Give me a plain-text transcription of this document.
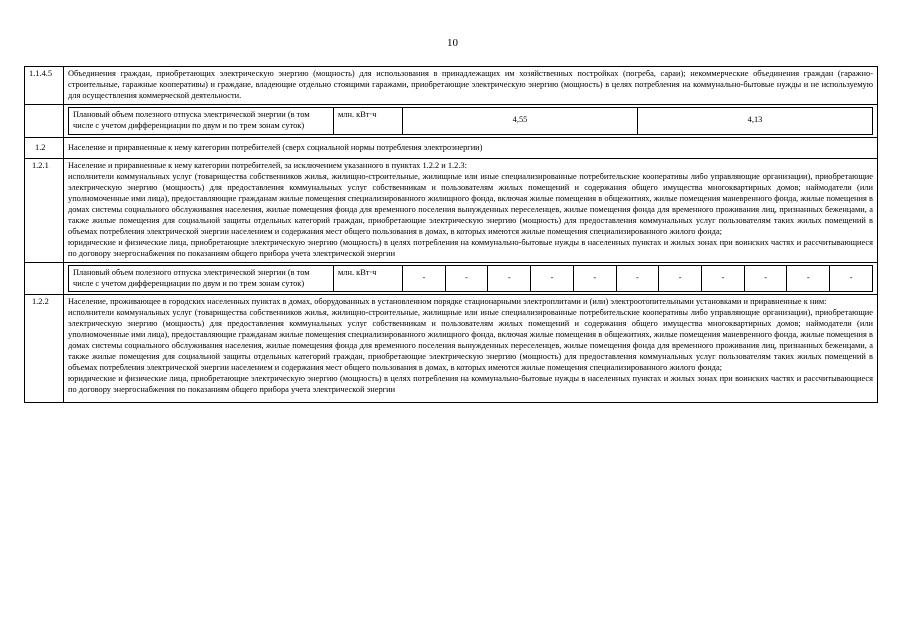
10
1.1.4.5	Объединения граждан, приобретающих электрическую энергию (мощность) для использования в принадлежащих им хозяйственных постройках (погреба, сараи); некоммерческие объединения граждан (гаражно-строительные, гаражные кооперативы) и граждане, владеющие отдельно стоящими гаражами, приобретающие электрическую энергию (мощность) в целях потребления на коммунально-бытовые нужды и не используемую для осуществления коммерческой деятельности.

Плановый объем полезного отпуска электрической энергии (в том числе с учетом дифференциации по двум и по трем зонам суток)	млн. кВт·ч	4,55	4,13

1.2	Население и приравненные к нему категории потребителей (сверх социальной нормы потребления электроэнергии)
1.2.1	Население и приравненные к нему категории потребителей, за исключением указанного в пунктах 1.2.2 и 1.2.3:
исполнители коммунальных услуг (товарищества собственников жилья, жилищно-строительные, жилищные или иные специализированные потребительские кооперативы либо управляющие организации), приобретающие электрическую энергию (мощность) для предоставления коммунальных услуг собственникам и пользователям жилых помещений и содержания общего имущества многоквартирных домов; наймодатели (или уполномоченные ими лица), предоставляющие гражданам жилые помещения специализированного жилищного фонда, включая жилые помещения в общежитиях, жилые помещения маневренного фонда, жилые помещения в домах системы социального обслуживания населения, жилые помещения фонда для временного поселения вынужденных переселенцев, жилые помещения фонда для временного проживания лиц, признанных беженцами, а также жилые помещения для социальной защиты отдельных категорий граждан, приобретающие электрическую энергию (мощность) для предоставления коммунальных услуг пользователям таких жилых помещений в объемах потребления электрической энергии населением и содержания мест общего пользования в домах, в которых имеются жилые помещения специализированного жилого фонда;
юридические и физические лица, приобретающие электрическую энергию (мощность) в целях потребления на коммунально-бытовые нужды в населенных пунктах и жилых зонах при воинских частях и рассчитывающиеся по договору энергоснабжения по показаниям общего прибора учета электрической энергии

Плановый объем полезного отпуска электрической энергии (в том числе с учетом дифференциации по двум и по трем зонам суток)	млн. кВт·ч	-	-	-	-	-	-	-	-	-	-	-

1.2.2	Население, проживающее в городских населенных пунктах в домах, оборудованных в установленном порядке стационарными электроплитами и (или) электроотопительными установками и приравненные к ним:
исполнители коммунальных услуг (товарищества собственников жилья, жилищно-строительные, жилищные или иные специализированные потребительские кооперативы либо управляющие организации), приобретающие электрическую энергию (мощность) для предоставления коммунальных услуг собственникам и пользователям жилых помещений и содержания общего имущества многоквартирных домов; наймодатели (или уполномоченные ими лица), предоставляющие гражданам жилые помещения специализированного жилищного фонда, включая жилые помещения в общежитиях, жилые помещения маневренного фонда, жилые помещения в домах системы социального обслуживания населения, жилые помещения фонда для временного поселения вынужденных переселенцев, жилые помещения фонда для временного проживания лиц, признанных беженцами, а также жилые помещения для социальной защиты отдельных категорий граждан, приобретающие электрическую энергию (мощность) для предоставления коммунальных услуг пользователям таких жилых помещений в объемах потребления электрической энергии населением и содержания мест общего пользования в домах, в которых имеются жилые помещения специализированного жилого фонда;
юридические и физические лица, приобретающие электрическую энергию (мощность) в целях потребления на коммунально-бытовые нужды в населенных пунктах и жилых зонах при воинских частях и рассчитывающиеся по договору энергоснабжения по показаниям общего прибора учета электрической энергии
